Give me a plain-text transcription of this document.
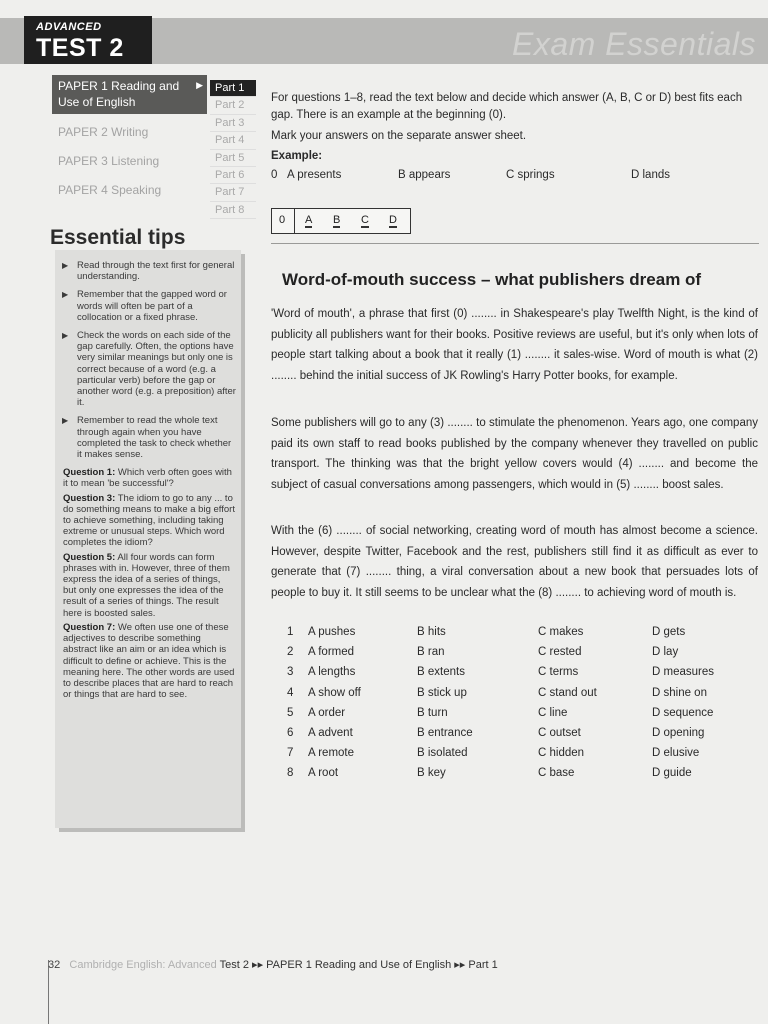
ADVANCED
TEST 2	Exam Essentials
PAPER 1 Reading and Use of English
▶
PAPER 2 Writing
PAPER 3 Listening
PAPER 4 Speaking
Part 1
Part 2
Part 3
Part 4
Part 5
Part 6
Part 7
Part 8
Essential tips
▶ Read through the text first for general understanding.
▶ Remember that the gapped word or words will often be part of a collocation or a fixed phrase.
▶ Check the words on each side of the gap carefully. Often, the options have very similar meanings but only one is correct because of a word (e.g. a particular verb) before the gap or another word (e.g. a preposition) after it.
▶ Remember to read the whole text through again when you have completed the task to check whether it makes sense.
Question 1: Which verb often goes with it to mean 'be successful'?
Question 3: The idiom to go to any ... to do something means to make a big effort to achieve something, including taking extreme or unusual steps. Which word completes the idiom?
Question 5: All four words can form phrases with in. However, three of them express the idea of a series of things, but only one expresses the idea of the result of a series of things. The result here is boosted sales.
Question 7: We often use one of these adjectives to describe something abstract like an aim or an idea which is difficult to define or achieve. This is the meaning here. The other words are used to describe places that are hard to reach or things that are hard to see.
For questions 1–8, read the text below and decide which answer (A, B, C or D) best fits each gap. There is an example at the beginning (0).
Mark your answers on the separate answer sheet.
Example:
0 A presents	B appears	C springs	D lands
0 A B C D
Word-of-mouth success – what publishers dream of
'Word of mouth', a phrase that first (0) ........ in Shakespeare's play Twelfth Night, is the kind of publicity all publishers want for their books. Positive reviews are useful, but it's only when lots of people start talking about a book that it really (1) ........ it sales-wise. Word of mouth is what (2) ........ behind the initial success of JK Rowling's Harry Potter books, for example.
Some publishers will go to any (3) ........ to stimulate the phenomenon. Years ago, one company paid its own staff to read books published by the company whenever they travelled on public transport. The thinking was that the bright yellow covers would (4) ........ and become the subject of casual conversations among passengers, which would in (5) ........ boost sales.
With the (6) ........ of social networking, creating word of mouth has almost become a science. However, despite Twitter, Facebook and the rest, publishers still find it as difficult as ever to generate that (7) ........ thing, a viral conversation about a new book that persuades lots of people to buy it. It still seems to be unclear what the (8) ........ to achieving word of mouth is.
1 A pushes	B hits	C makes	D gets
2 A formed	B ran	C rested	D lay
3 A lengths	B extents	C terms	D measures
4 A show off	B stick up	C stand out	D shine on
5 A order	B turn	C line	D sequence
6 A advent	B entrance	C outset	D opening
7 A remote	B isolated	C hidden	D elusive
8 A root	B key	C base	D guide
32 Cambridge English: Advanced Test 2 ▸▸ PAPER 1 Reading and Use of English ▸▸ Part 1
